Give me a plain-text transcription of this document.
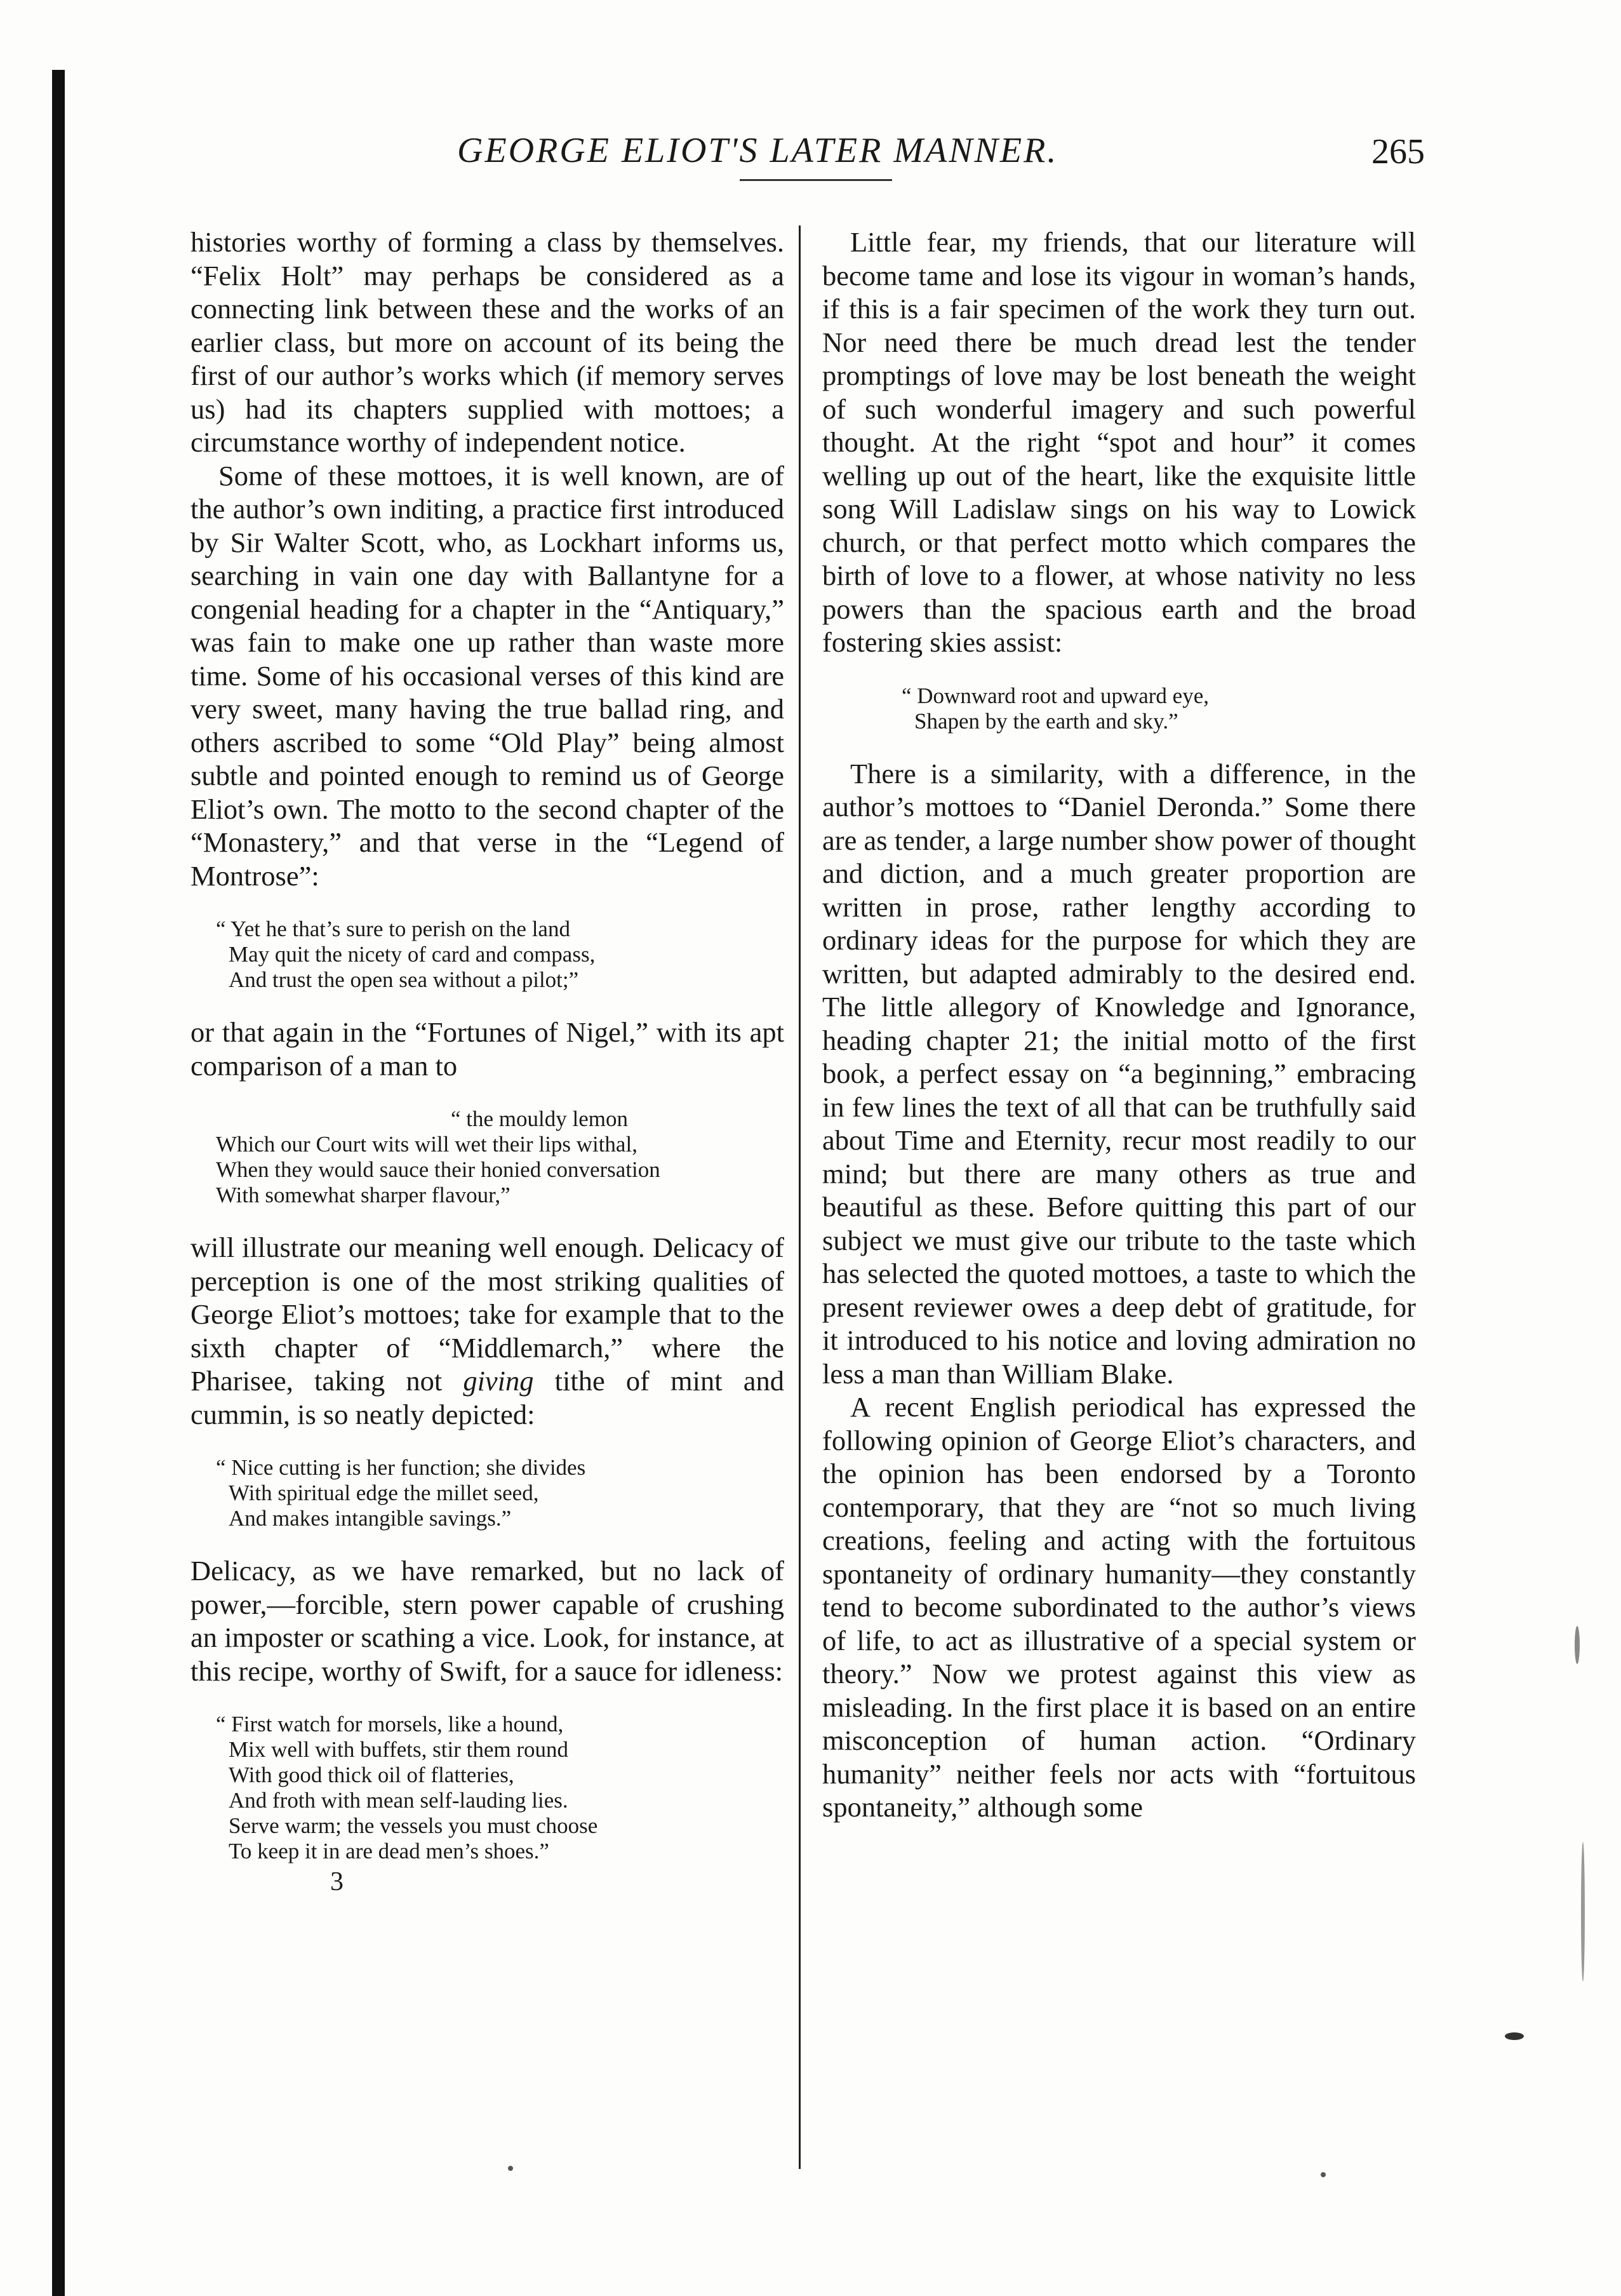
GEORGE ELIOT'S LATER MANNER.	265

histories worthy of forming a class by themselves. “Felix Holt” may perhaps be considered as a connecting link between these and the works of an earlier class, but more on account of its being the first of our author’s works which (if memory serves us) had its chapters supplied with mottoes; a circumstance worthy of independent notice.

Some of these mottoes, it is well known, are of the author’s own inditing, a practice first introduced by Sir Walter Scott, who, as Lockhart informs us, searching in vain one day with Ballantyne for a congenial heading for a chapter in the “Antiquary,” was fain to make one up rather than waste more time. Some of his occasional verses of this kind are very sweet, many having the true ballad ring, and others ascribed to some “Old Play” being almost subtle and pointed enough to remind us of George Eliot’s own. The motto to the second chapter of the “Monastery,” and that verse in the “Legend of Montrose”:

“ Yet he that’s sure to perish on the land
May quit the nicety of card and compass,
And trust the open sea without a pilot;”

or that again in the “Fortunes of Nigel,” with its apt comparison of a man to

“ the mouldy lemon
Which our Court wits will wet their lips withal,
When they would sauce their honied conversation
With somewhat sharper flavour,”

will illustrate our meaning well enough. Delicacy of perception is one of the most striking qualities of George Eliot’s mottoes; take for example that to the sixth chapter of “Middlemarch,” where the Pharisee, taking not giving tithe of mint and cummin, is so neatly depicted:

“ Nice cutting is her function; she divides
With spiritual edge the millet seed,
And makes intangible savings.”

Delicacy, as we have remarked, but no lack of power,—forcible, stern power capable of crushing an imposter or scathing a vice. Look, for instance, at this recipe, worthy of Swift, for a sauce for idleness:

“ First watch for morsels, like a hound,
Mix well with buffets, stir them round
With good thick oil of flatteries,
And froth with mean self-lauding lies.
Serve warm; the vessels you must choose
To keep it in are dead men’s shoes.”
3

Little fear, my friends, that our literature will become tame and lose its vigour in woman’s hands, if this is a fair specimen of the work they turn out. Nor need there be much dread lest the tender promptings of love may be lost beneath the weight of such wonderful imagery and such powerful thought. At the right “spot and hour” it comes welling up out of the heart, like the exquisite little song Will Ladislaw sings on his way to Lowick church, or that perfect motto which compares the birth of love to a flower, at whose nativity no less powers than the spacious earth and the broad fostering skies assist:

“ Downward root and upward eye,
Shapen by the earth and sky.”

There is a similarity, with a difference, in the author’s mottoes to “Daniel Deronda.” Some there are as tender, a large number show power of thought and diction, and a much greater proportion are written in prose, rather lengthy according to ordinary ideas for the purpose for which they are written, but adapted admirably to the desired end. The little allegory of Knowledge and Ignorance, heading chapter 21; the initial motto of the first book, a perfect essay on “a beginning,” embracing in few lines the text of all that can be truthfully said about Time and Eternity, recur most readily to our mind; but there are many others as true and beautiful as these. Before quitting this part of our subject we must give our tribute to the taste which has selected the quoted mottoes, a taste to which the present reviewer owes a deep debt of gratitude, for it introduced to his notice and loving admiration no less a man than William Blake.

A recent English periodical has expressed the following opinion of George Eliot’s characters, and the opinion has been endorsed by a Toronto contemporary, that they are “not so much living creations, feeling and acting with the fortuitous spontaneity of ordinary humanity—they constantly tend to become subordinated to the author’s views of life, to act as illustrative of a special system or theory.” Now we protest against this view as misleading. In the first place it is based on an entire misconception of human action. “Ordinary humanity” neither feels nor acts with “fortuitous spontaneity,” although some
